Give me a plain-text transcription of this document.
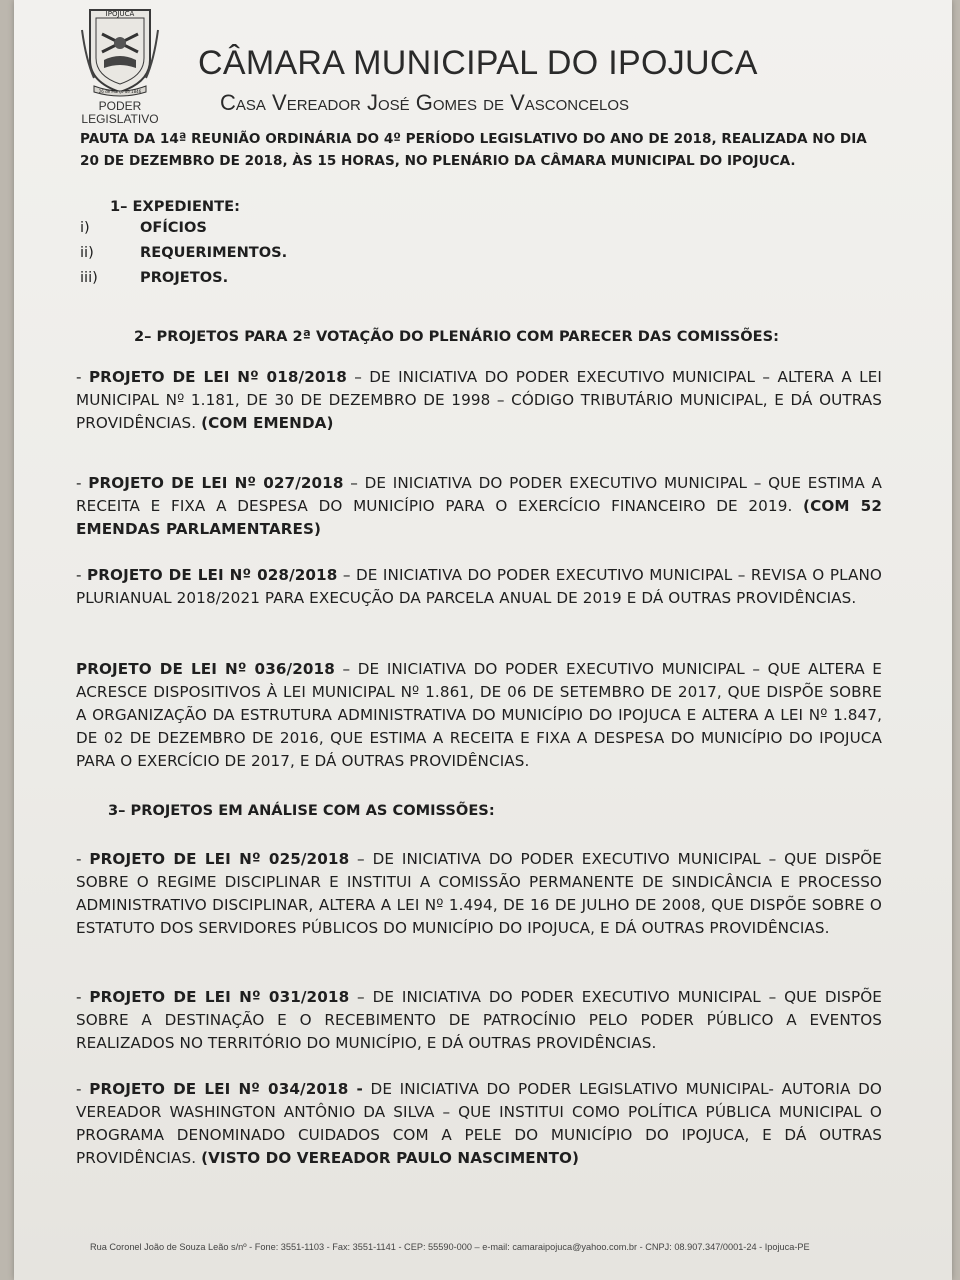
IPOJUCA
26 de Março de 1846
PODER
LEGISLATIVO
CÂMARA MUNICIPAL DO IPOJUCA
Casa Vereador José Gomes de Vasconcelos
PAUTA DA 14ª REUNIÃO ORDINÁRIA DO 4º PERÍODO LEGISLATIVO DO ANO DE 2018, REALIZADA NO DIA 20 DE DEZEMBRO DE 2018, ÀS 15 HORAS, NO PLENÁRIO DA CÂMARA MUNICIPAL DO IPOJUCA.
1– EXPEDIENTE:
i)	OFÍCIOS
ii)	REQUERIMENTOS.
iii)	PROJETOS.
2– PROJETOS PARA 2ª VOTAÇÃO DO PLENÁRIO COM PARECER DAS COMISSÕES:

- PROJETO DE LEI Nº 018/2018 – DE INICIATIVA DO PODER EXECUTIVO MUNICIPAL – ALTERA A LEI MUNICIPAL Nº 1.181, DE 30 DE DEZEMBRO DE 1998 – CÓDIGO TRIBUTÁRIO MUNICIPAL, E DÁ OUTRAS PROVIDÊNCIAS. (COM EMENDA)

- PROJETO DE LEI Nº 027/2018 – DE INICIATIVA DO PODER EXECUTIVO MUNICIPAL – QUE ESTIMA A RECEITA E FIXA A DESPESA DO MUNICÍPIO PARA O EXERCÍCIO FINANCEIRO DE 2019. (COM 52 EMENDAS PARLAMENTARES)

- PROJETO DE LEI Nº 028/2018 – DE INICIATIVA DO PODER EXECUTIVO MUNICIPAL – REVISA O PLANO PLURIANUAL 2018/2021 PARA EXECUÇÃO DA PARCELA ANUAL DE 2019 E DÁ OUTRAS PROVIDÊNCIAS.

PROJETO DE LEI Nº 036/2018 – DE INICIATIVA DO PODER EXECUTIVO MUNICIPAL – QUE ALTERA E ACRESCE DISPOSITIVOS À LEI MUNICIPAL Nº 1.861, DE 06 DE SETEMBRO DE 2017, QUE DISPÕE SOBRE A ORGANIZAÇÃO DA ESTRUTURA ADMINISTRATIVA DO MUNICÍPIO DO IPOJUCA E ALTERA A LEI Nº 1.847, DE 02 DE DEZEMBRO DE 2016, QUE ESTIMA A RECEITA E FIXA A DESPESA DO MUNICÍPIO DO IPOJUCA PARA O EXERCÍCIO DE 2017, E DÁ OUTRAS PROVIDÊNCIAS.

3– PROJETOS EM ANÁLISE COM AS COMISSÕES:

- PROJETO DE LEI Nº 025/2018 – DE INICIATIVA DO PODER EXECUTIVO MUNICIPAL – QUE DISPÕE SOBRE O REGIME DISCIPLINAR E INSTITUI A COMISSÃO PERMANENTE DE SINDICÂNCIA E PROCESSO ADMINISTRATIVO DISCIPLINAR, ALTERA A LEI Nº 1.494, DE 16 DE JULHO DE 2008, QUE DISPÕE SOBRE O ESTATUTO DOS SERVIDORES PÚBLICOS DO MUNICÍPIO DO IPOJUCA, E DÁ OUTRAS PROVIDÊNCIAS.

- PROJETO DE LEI Nº 031/2018 – DE INICIATIVA DO PODER EXECUTIVO MUNICIPAL – QUE DISPÕE SOBRE A DESTINAÇÃO E O RECEBIMENTO DE PATROCÍNIO PELO PODER PÚBLICO A EVENTOS REALIZADOS NO TERRITÓRIO DO MUNICÍPIO, E DÁ OUTRAS PROVIDÊNCIAS.

- PROJETO DE LEI Nº 034/2018 - DE INICIATIVA DO PODER LEGISLATIVO MUNICIPAL- AUTORIA DO VEREADOR WASHINGTON ANTÔNIO DA SILVA – QUE INSTITUI COMO POLÍTICA PÚBLICA MUNICIPAL O PROGRAMA DENOMINADO CUIDADOS COM A PELE DO MUNICÍPIO DO IPOJUCA, E DÁ OUTRAS PROVIDÊNCIAS. (VISTO DO VEREADOR PAULO NASCIMENTO)

Rua Coronel João de Souza Leão s/nº - Fone: 3551-1103 - Fax: 3551-1141 - CEP: 55590-000 – e-mail: camaraipojuca@yahoo.com.br - CNPJ: 08.907.347/0001-24 - Ipojuca-PE
